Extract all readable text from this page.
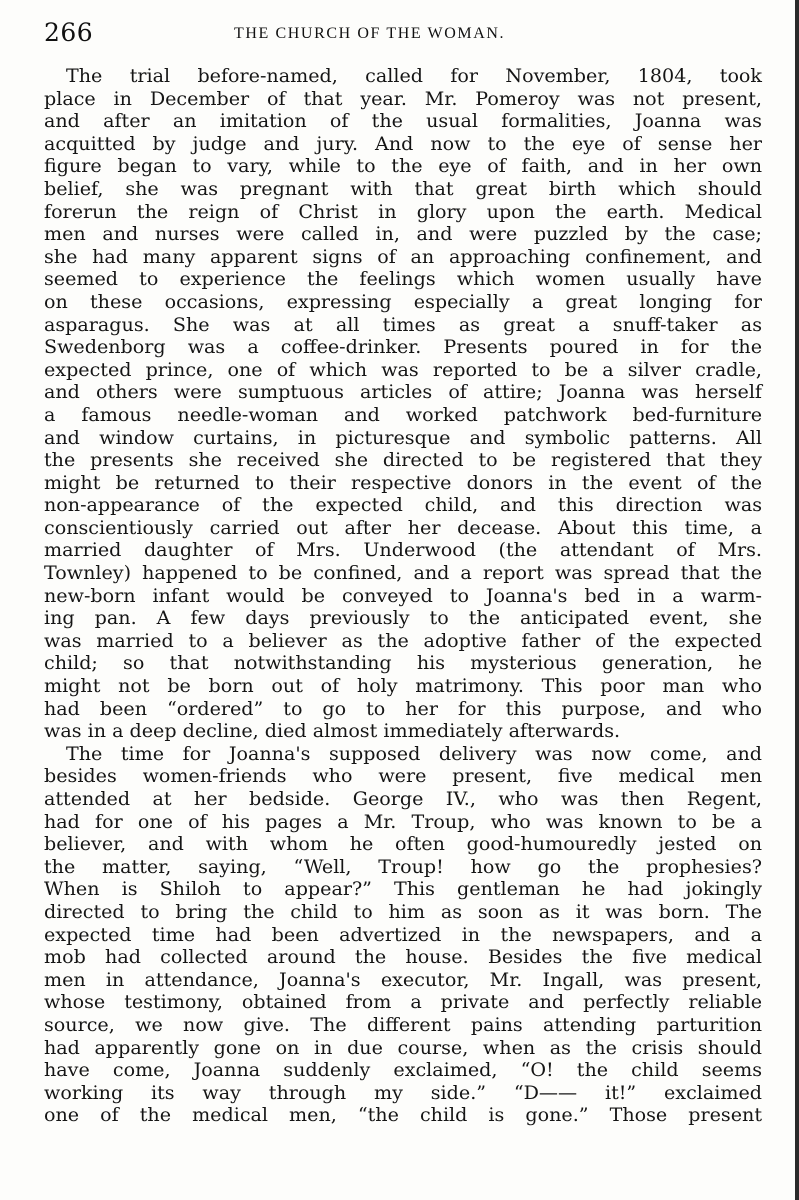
266	THE CHURCH OF THE WOMAN.
The trial before-named, called for November, 1804, took
place in December of that year. Mr. Pomeroy was not present,
and after an imitation of the usual formalities, Joanna was
acquitted by judge and jury. And now to the eye of sense her
figure began to vary, while to the eye of faith, and in her own
belief, she was pregnant with that great birth which should
forerun the reign of Christ in glory upon the earth. Medical
men and nurses were called in, and were puzzled by the case;
she had many apparent signs of an approaching confinement, and
seemed to experience the feelings which women usually have
on these occasions, expressing especially a great longing for
asparagus. She was at all times as great a snuff-taker as
Swedenborg was a coffee-drinker. Presents poured in for the
expected prince, one of which was reported to be a silver cradle,
and others were sumptuous articles of attire; Joanna was herself
a famous needle-woman and worked patchwork bed-furniture
and window curtains, in picturesque and symbolic patterns. All
the presents she received she directed to be registered that they
might be returned to their respective donors in the event of the
non-appearance of the expected child, and this direction was
conscientiously carried out after her decease. About this time, a
married daughter of Mrs. Underwood (the attendant of Mrs.
Townley) happened to be confined, and a report was spread that the
new-born infant would be conveyed to Joanna's bed in a warm-
ing pan. A few days previously to the anticipated event, she
was married to a believer as the adoptive father of the expected
child; so that notwithstanding his mysterious generation, he
might not be born out of holy matrimony. This poor man who
had been “ordered” to go to her for this purpose, and who
was in a deep decline, died almost immediately afterwards.
The time for Joanna's supposed delivery was now come, and
besides women-friends who were present, five medical men
attended at her bedside. George IV., who was then Regent,
had for one of his pages a Mr. Troup, who was known to be a
believer, and with whom he often good-humouredly jested on
the matter, saying, “Well, Troup! how go the prophesies?
When is Shiloh to appear?” This gentleman he had jokingly
directed to bring the child to him as soon as it was born. The
expected time had been advertized in the newspapers, and a
mob had collected around the house. Besides the five medical
men in attendance, Joanna's executor, Mr. Ingall, was present,
whose testimony, obtained from a private and perfectly reliable
source, we now give. The different pains attending parturition
had apparently gone on in due course, when as the crisis should
have come, Joanna suddenly exclaimed, “O! the child seems
working its way through my side.” “D—— it!” exclaimed
one of the medical men, “the child is gone.” Those present
